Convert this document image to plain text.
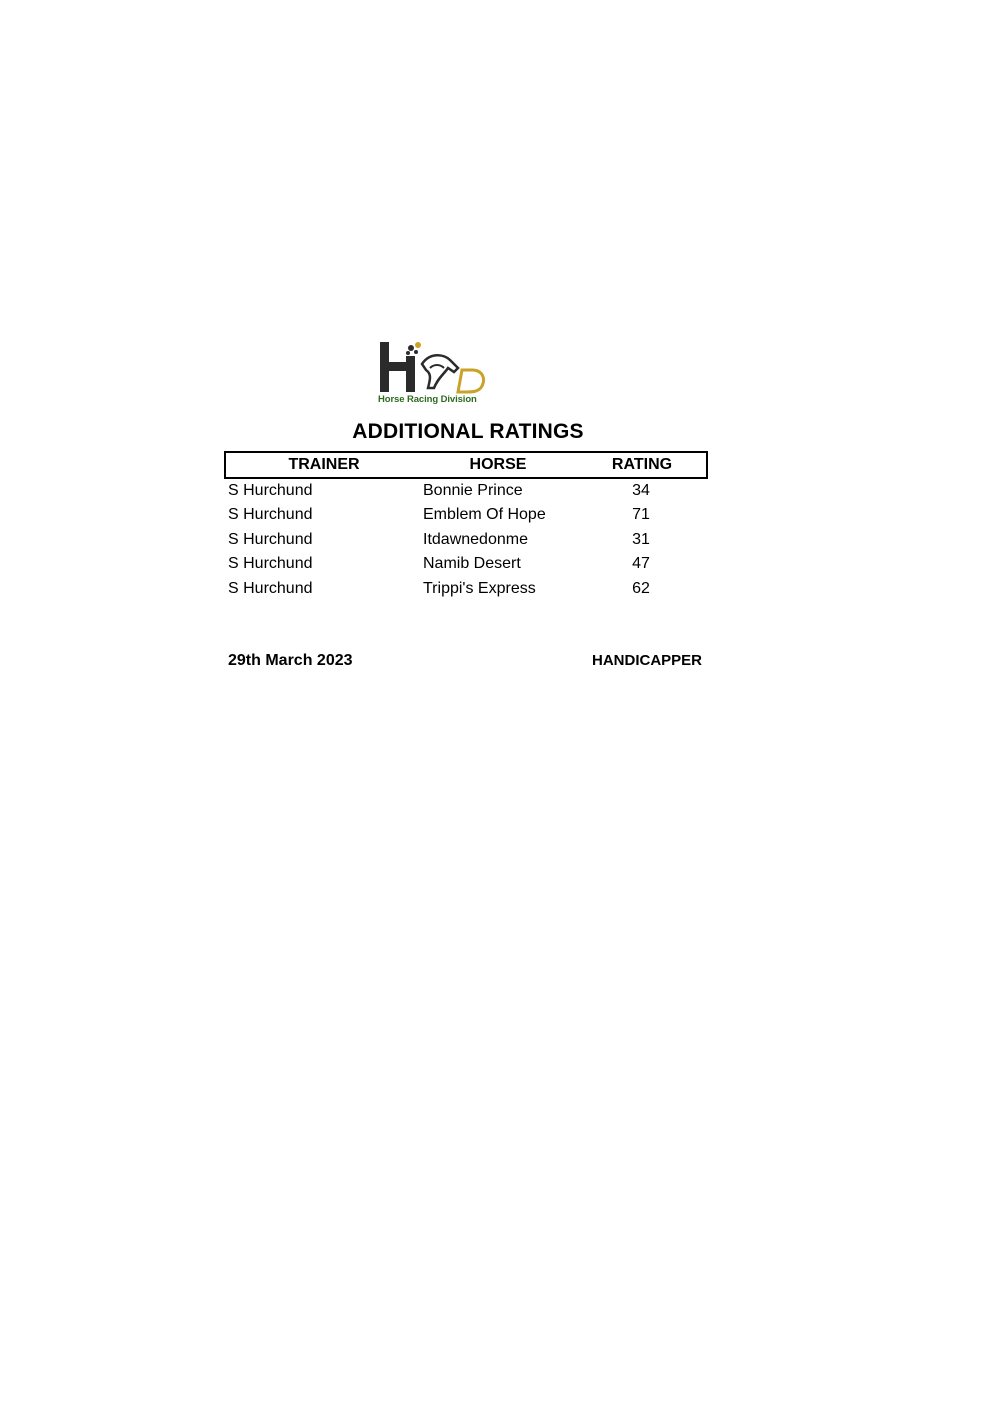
Horse Racing Division
ADDITIONAL RATINGS
TRAINER	HORSE	RATING
S Hurchund	Bonnie Prince	34
S Hurchund	Emblem Of Hope	71
S Hurchund	Itdawnedonme	31
S Hurchund	Namib Desert	47
S Hurchund	Trippi's Express	62
29th March 2023	HANDICAPPER
